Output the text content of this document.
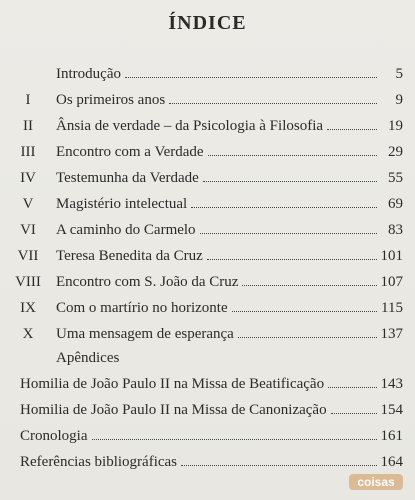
ÍNDICE
Introdução	5
I	Os primeiros anos	9
II	Ânsia de verdade – da Psicologia à Filosofia	19
III	Encontro com a Verdade	29
IV	Testemunha da Verdade	55
V	Magistério intelectual	69
VI	A caminho do Carmelo	83
VII	Teresa Benedita da Cruz	101
VIII	Encontro com S. João da Cruz	107
IX	Com o martírio no horizonte	115
X	Uma mensagem de esperança	137
Apêndices
Homilia de João Paulo II na Missa de Beatificação	143
Homilia de João Paulo II na Missa de Canonização	154
Cronologia	161
Referências bibliográficas	164
coisas
